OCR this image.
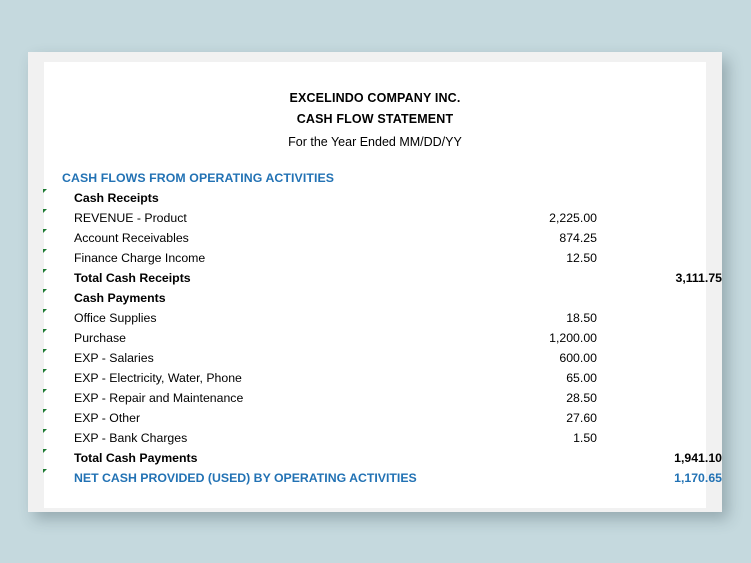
EXCELINDO COMPANY INC.
CASH FLOW STATEMENT
For the Year Ended MM/DD/YY
CASH FLOWS FROM OPERATING ACTIVITIES
Cash Receipts
REVENUE - Product	2,225.00
Account Receivables	874.25
Finance Charge Income	12.50
Total Cash Receipts	3,111.75
Cash Payments
Office Supplies	18.50
Purchase	1,200.00
EXP - Salaries	600.00
EXP - Electricity, Water, Phone	65.00
EXP - Repair and Maintenance	28.50
EXP - Other	27.60
EXP - Bank Charges	1.50
Total Cash Payments	1,941.10
NET CASH PROVIDED (USED) BY OPERATING ACTIVITIES	1,170.65
